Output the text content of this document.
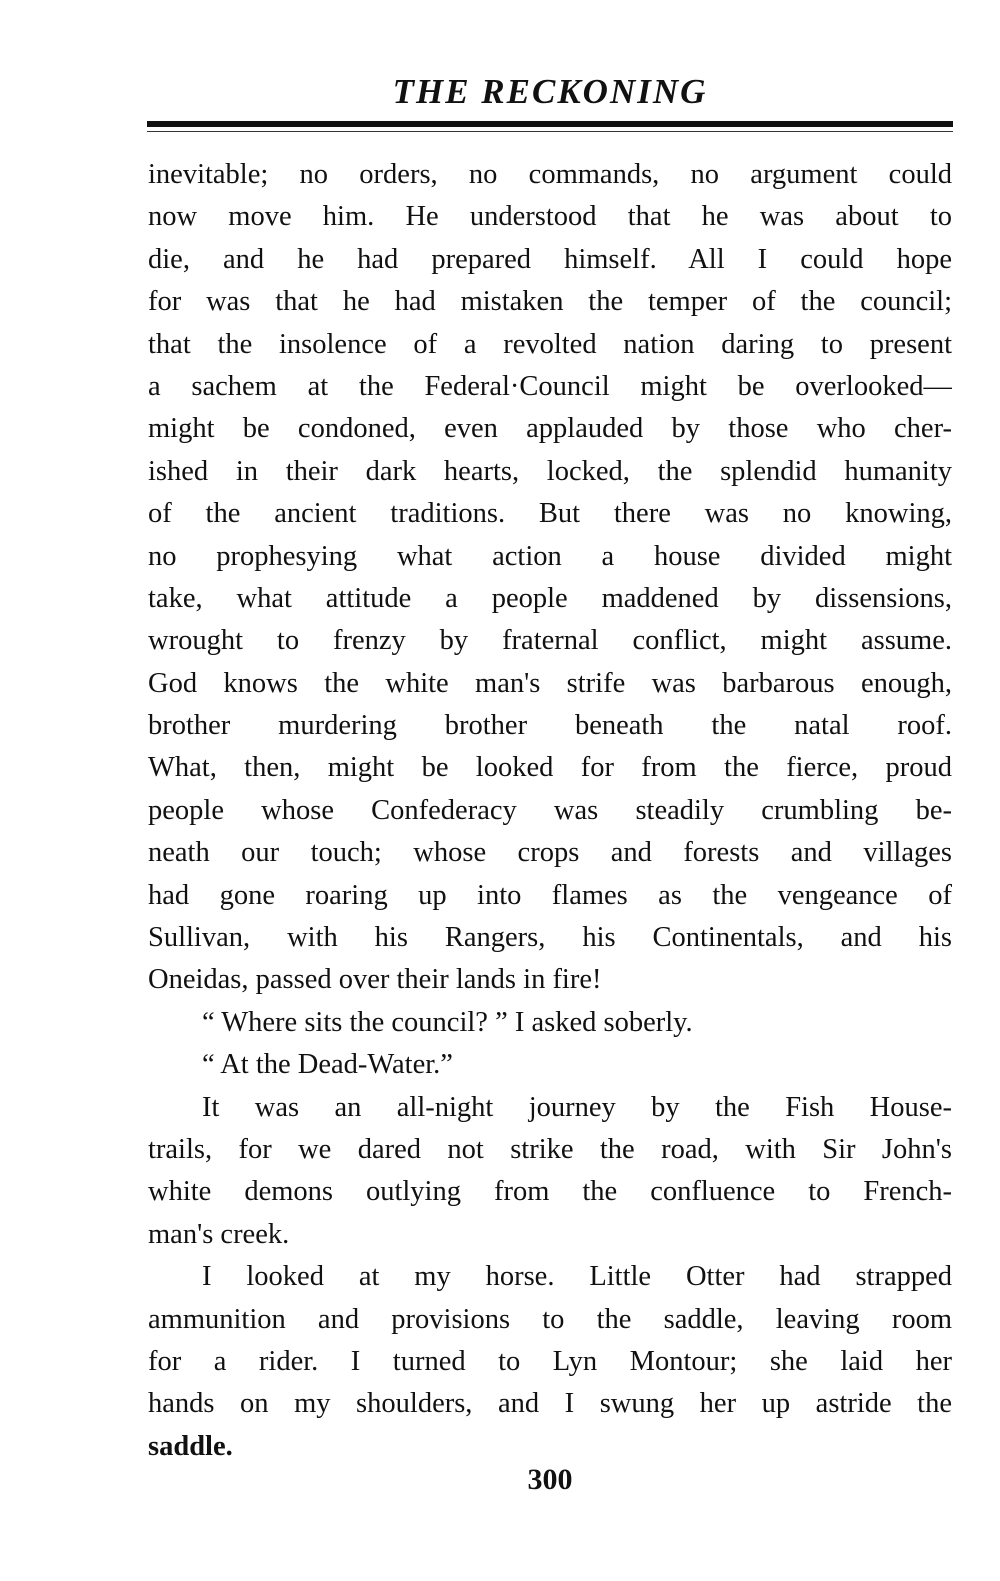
THE RECKONING
inevitable; no orders, no commands, no argument could
now move him. He understood that he was about to
die, and he had prepared himself. All I could hope
for was that he had mistaken the temper of the council;
that the insolence of a revolted nation daring to present
a sachem at the Federal·Council might be overlooked—
might be condoned, even applauded by those who cher-
ished in their dark hearts, locked, the splendid humanity
of the ancient traditions. But there was no knowing,
no prophesying what action a house divided might
take, what attitude a people maddened by dissensions,
wrought to frenzy by fraternal conflict, might assume.
God knows the white man's strife was barbarous enough,
brother murdering brother beneath the natal roof.
What, then, might be looked for from the fierce, proud
people whose Confederacy was steadily crumbling be-
neath our touch; whose crops and forests and villages
had gone roaring up into flames as the vengeance of
Sullivan, with his Rangers, his Continentals, and his
Oneidas, passed over their lands in fire!
“ Where sits the council? ” I asked soberly.
“ At the Dead-Water.”
It was an all-night journey by the Fish House-
trails, for we dared not strike the road, with Sir John's
white demons outlying from the confluence to French-
man's creek.
I looked at my horse. Little Otter had strapped
ammunition and provisions to the saddle, leaving room
for a rider. I turned to Lyn Montour; she laid her
hands on my shoulders, and I swung her up astride the
saddle.
300
